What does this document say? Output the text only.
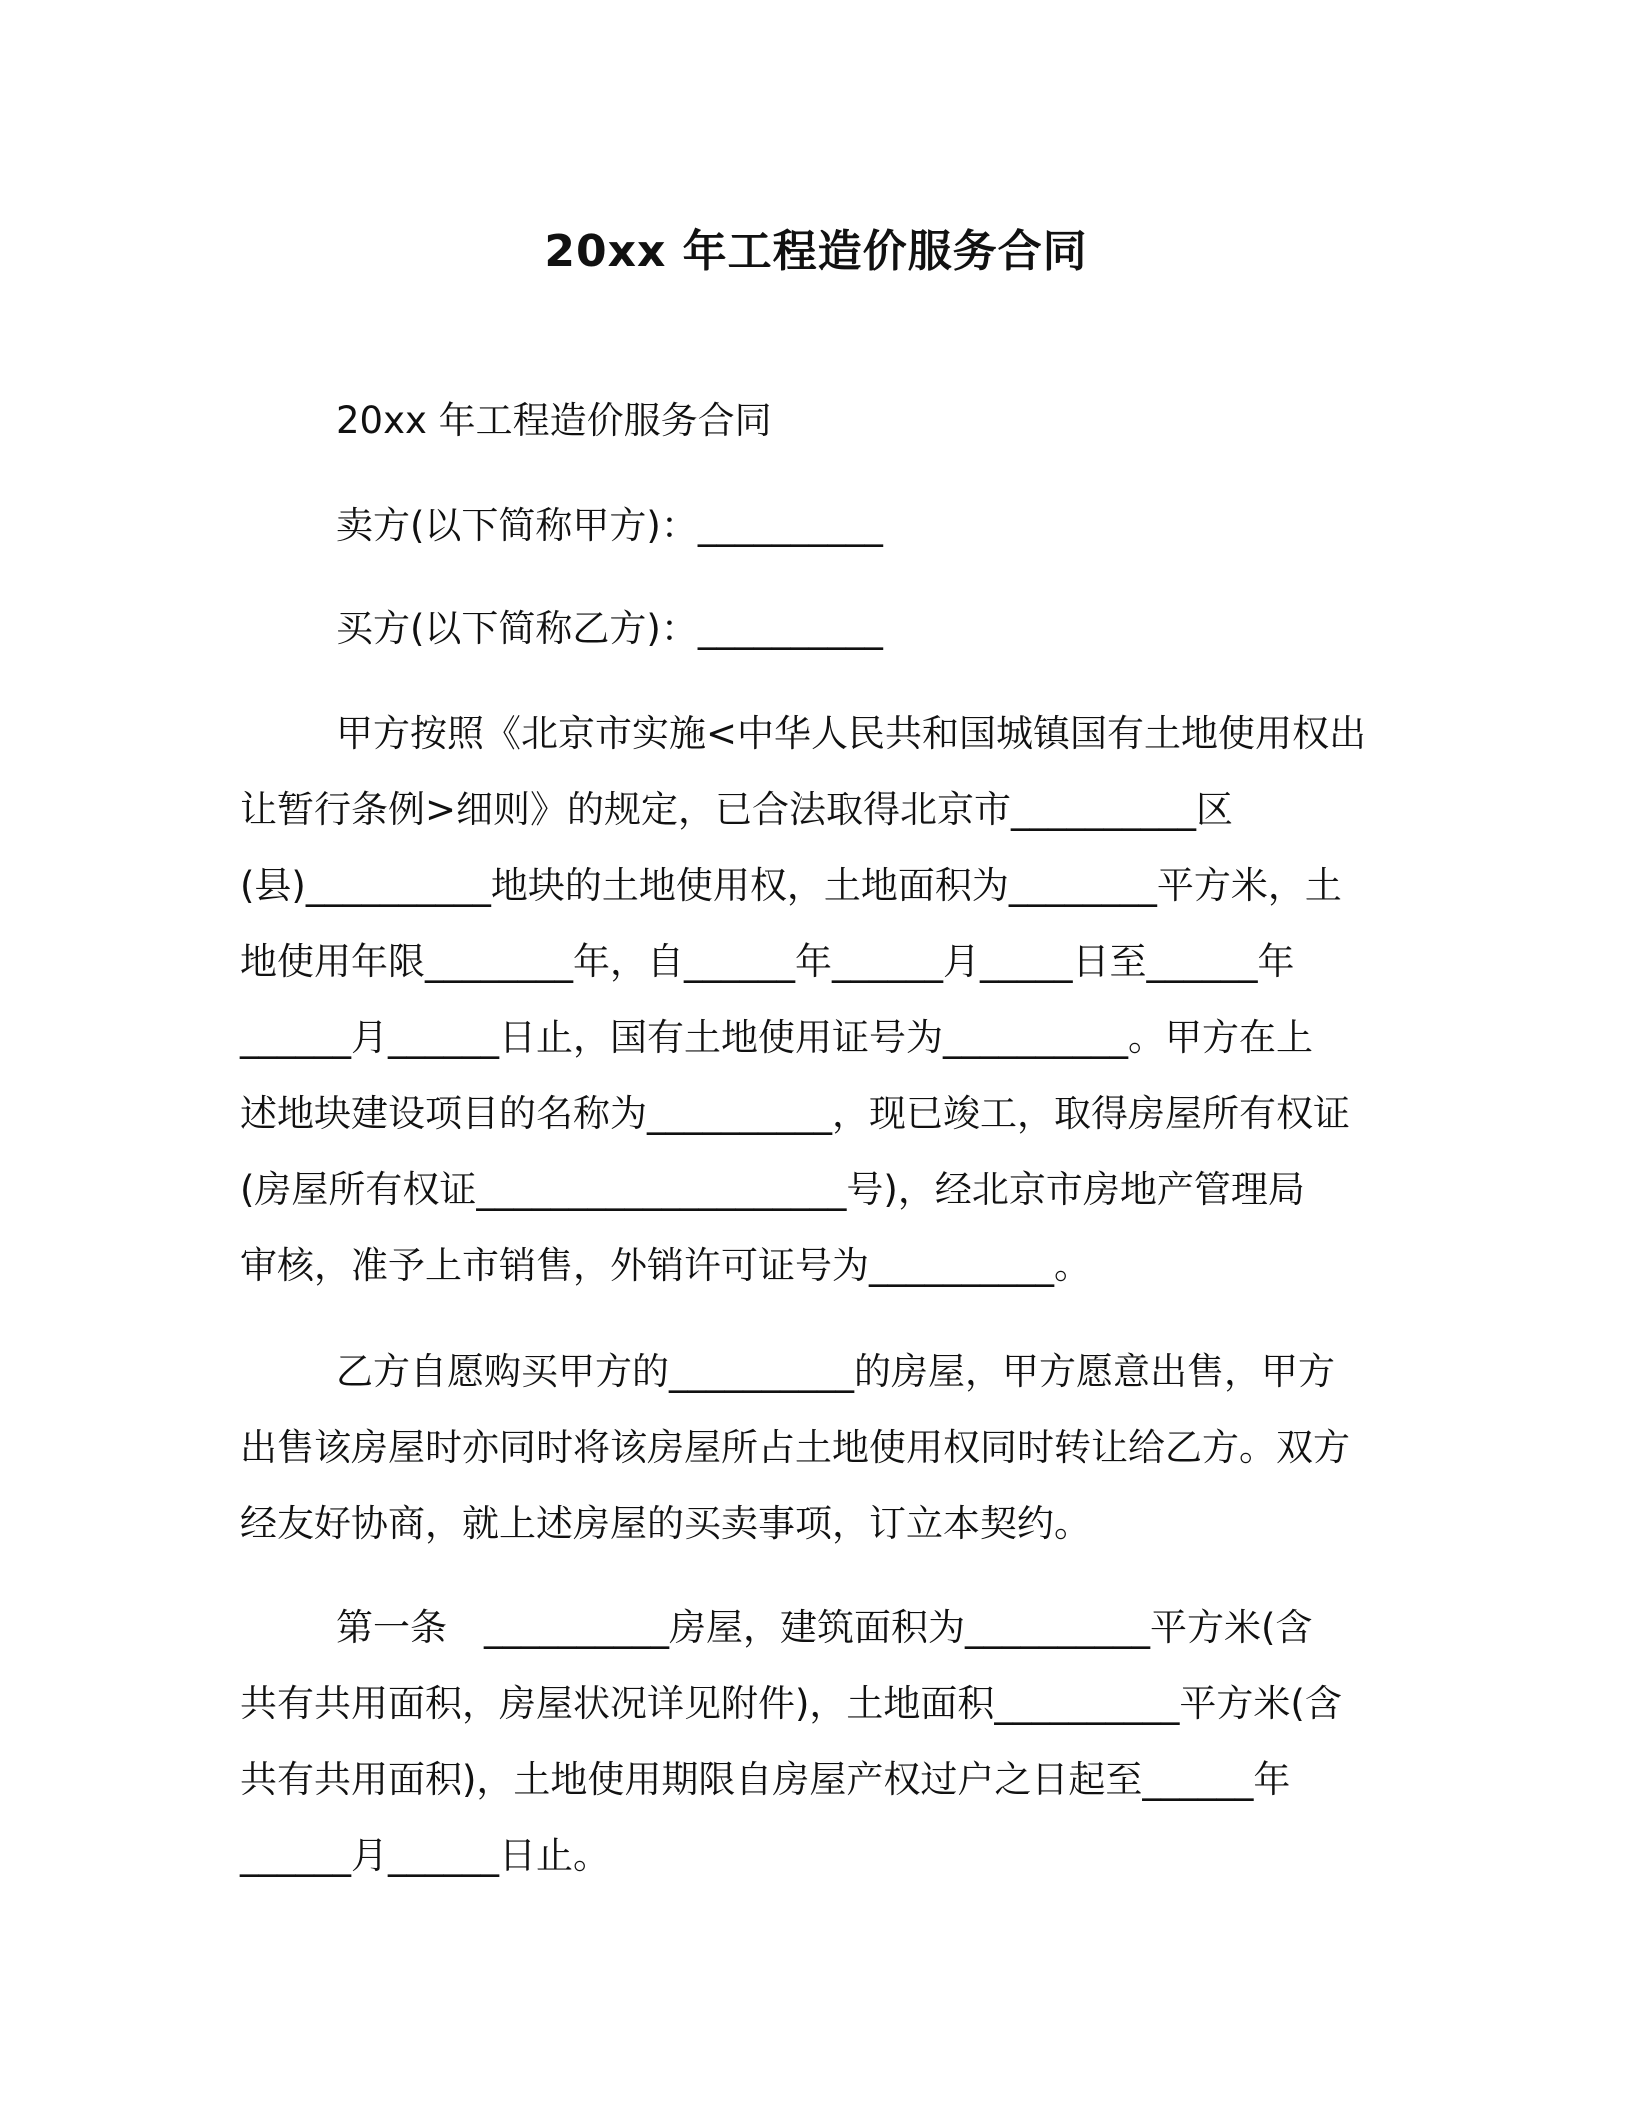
20xx 年工程造价服务合同
20xx 年工程造价服务合同
卖方(以下简称甲方)：__________
买方(以下简称乙方)：__________
甲方按照《北京市实施<中华人民共和国城镇国有土地使用权出
让暂行条例>细则》的规定，已合法取得北京市__________区
(县)__________地块的土地使用权，土地面积为________平方米，土
地使用年限________年，自______年______月_____日至______年
______月______日止，国有土地使用证号为__________。甲方在上
述地块建设项目的名称为__________，现已竣工，取得房屋所有权证
(房屋所有权证____________________号)，经北京市房地产管理局
审核，准予上市销售，外销许可证号为__________。
乙方自愿购买甲方的__________的房屋，甲方愿意出售，甲方
出售该房屋时亦同时将该房屋所占土地使用权同时转让给乙方。双方
经友好协商，就上述房屋的买卖事项，订立本契约。
第一条　__________房屋，建筑面积为__________平方米(含
共有共用面积，房屋状况详见附件)，土地面积__________平方米(含
共有共用面积)，土地使用期限自房屋产权过户之日起至______年
______月______日止。
